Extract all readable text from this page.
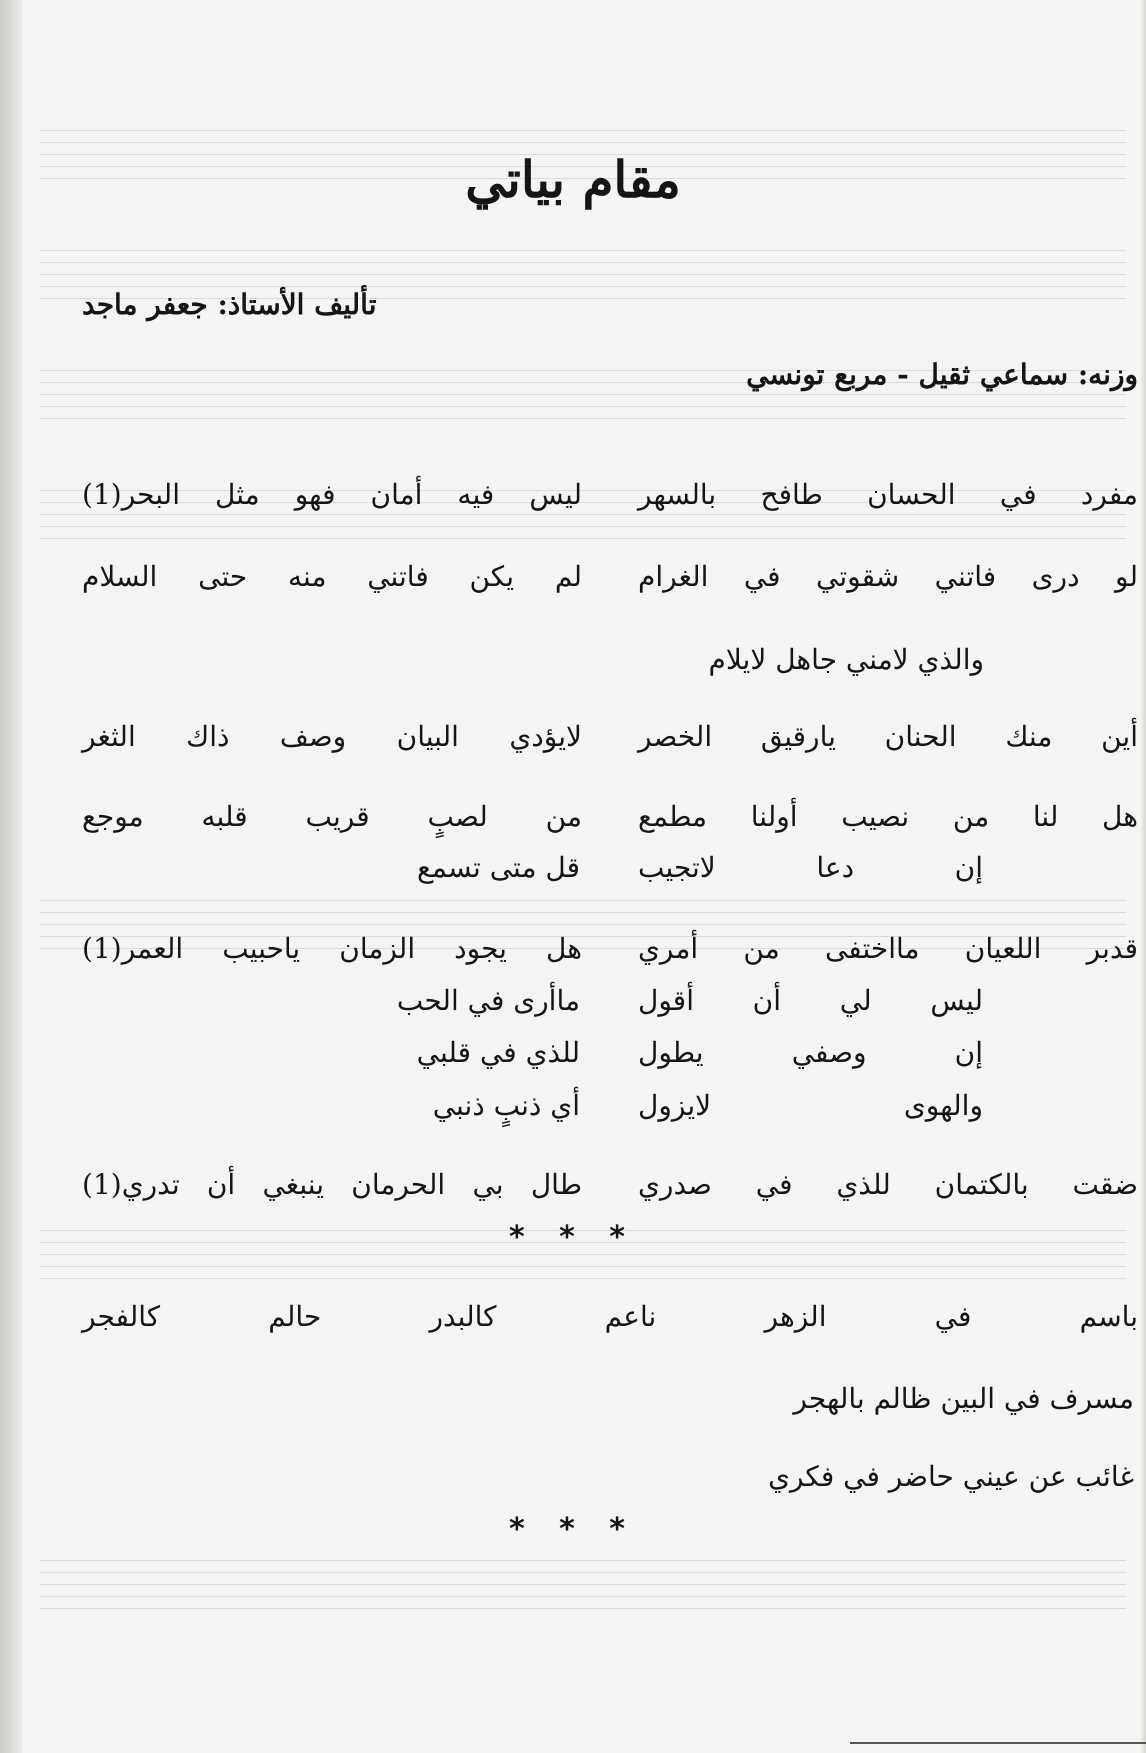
مقام بياتي
تأليف الأستاذ: جعفر ماجد
وزنه: سماعي ثقيل - مربع تونسي
مفرد في الحسان طافح بالسهر
ليس فيه أمان فهو مثل البحر(1)
لو درى فاتني شقوتي في الغرام
لم يكن فاتني منه حتى السلام
والذي لامني جاهل لايلام
أين منك الحنان يارقيق الخصر
لايؤدي البيان وصف ذاك الثغر
هل لنا من نصيب أولنا مطمع
من لصبٍ قريب قلبه موجع
إن دعا لاتجيب
قل متى تسمع
قدبر اللعيان مااختفى من أمري
هل يجود الزمان ياحبيب العمر(1)
ليس لي أن أقول
ماأرى في الحب
إن وصفي يطول
للذي في قلبي
والهوى لايزول
أي ذنبٍ ذنبي
ضقت بالكتمان للذي في صدري
طال بي الحرمان ينبغي أن تدري(1)
* * *
باسم في الزهر ناعم كالبدر حالم كالفجر
مسرف في البين ظالم بالهجر
غائب عن عيني حاضر في فكري
* * *
